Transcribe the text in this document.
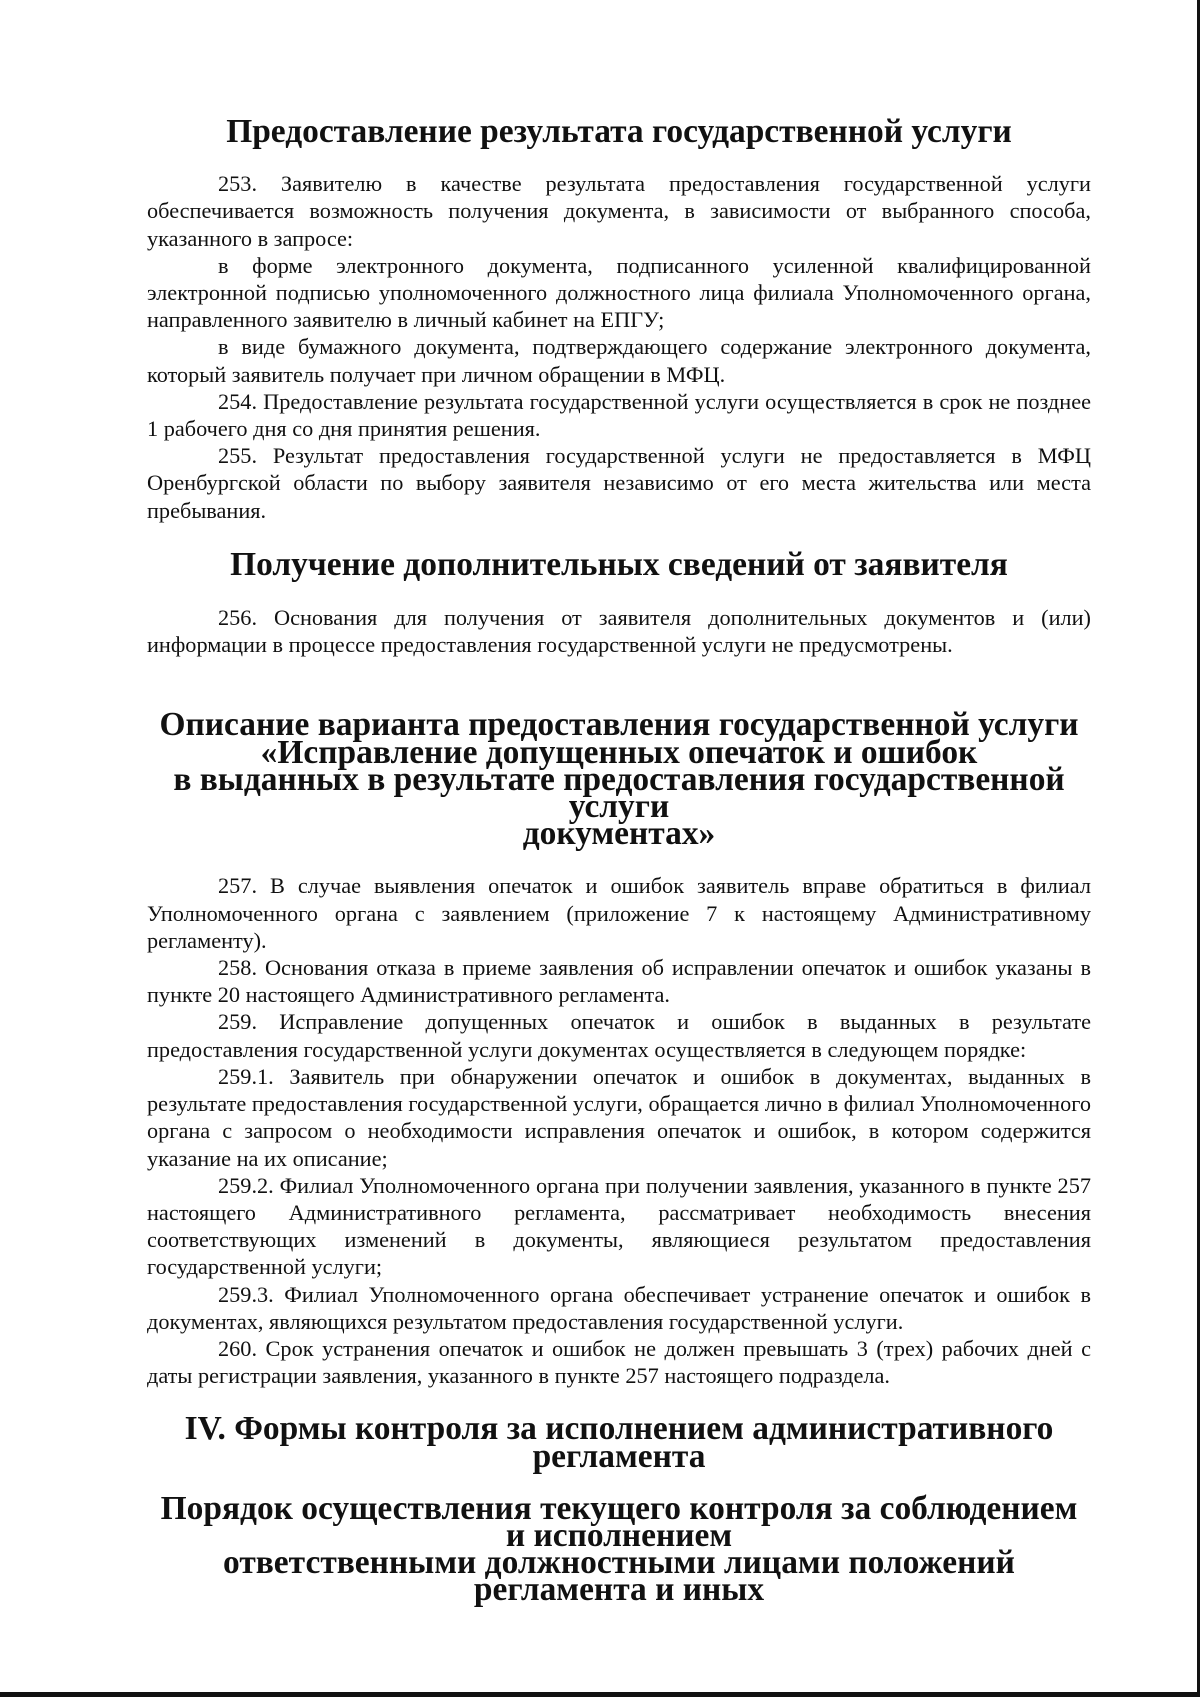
Предоставление результата государственной услуги

253. Заявителю в качестве результата предоставления государственной услуги обеспечивается возможность получения документа, в зависимости от выбранного способа, указанного в запросе:

в форме электронного документа, подписанного усиленной квалифицированной электронной подписью уполномоченного должностного лица филиала Уполномоченного органа, направленного заявителю в личный кабинет на ЕПГУ;

в виде бумажного документа, подтверждающего содержание электронного документа, который заявитель получает при личном обращении в МФЦ.

254. Предоставление результата государственной услуги осуществляется в срок не позднее 1 рабочего дня со дня принятия решения.

255. Результат предоставления государственной услуги не предоставляется в МФЦ Оренбургской области по выбору заявителя независимо от его места жительства или места пребывания.

Получение дополнительных сведений от заявителя

256. Основания для получения от заявителя дополнительных документов и (или) информации в процессе предоставления государственной услуги не предусмотрены.

Описание варианта предоставления государственной услуги
«Исправление допущенных опечаток и ошибок
в выданных в результате предоставления государственной услуги
документах»

257. В случае выявления опечаток и ошибок заявитель вправе обратиться в филиал Уполномоченного органа с заявлением (приложение 7 к настоящему Административному регламенту).

258. Основания отказа в приеме заявления об исправлении опечаток и ошибок указаны в пункте 20 настоящего Административного регламента.

259. Исправление допущенных опечаток и ошибок в выданных в результате предоставления государственной услуги документах осуществляется в следующем порядке:

259.1. Заявитель при обнаружении опечаток и ошибок в документах, выданных в результате предоставления государственной услуги, обращается лично в филиал Уполномоченного органа с запросом о необходимости исправления опечаток и ошибок, в котором содержится указание на их описание;

259.2. Филиал Уполномоченного органа при получении заявления, указанного в пункте 257 настоящего Административного регламента, рассматривает необходимость внесения соответствующих изменений в документы, являющиеся результатом предоставления государственной услуги;

259.3. Филиал Уполномоченного органа обеспечивает устранение опечаток и ошибок в документах, являющихся результатом предоставления государственной услуги.

260. Срок устранения опечаток и ошибок не должен превышать 3 (трех) рабочих дней с даты регистрации заявления, указанного в пункте 257 настоящего подраздела.

IV. Формы контроля за исполнением административного регламента
Порядок осуществления текущего контроля за соблюдением и исполнением
ответственными должностными лицами положений регламента и иных
